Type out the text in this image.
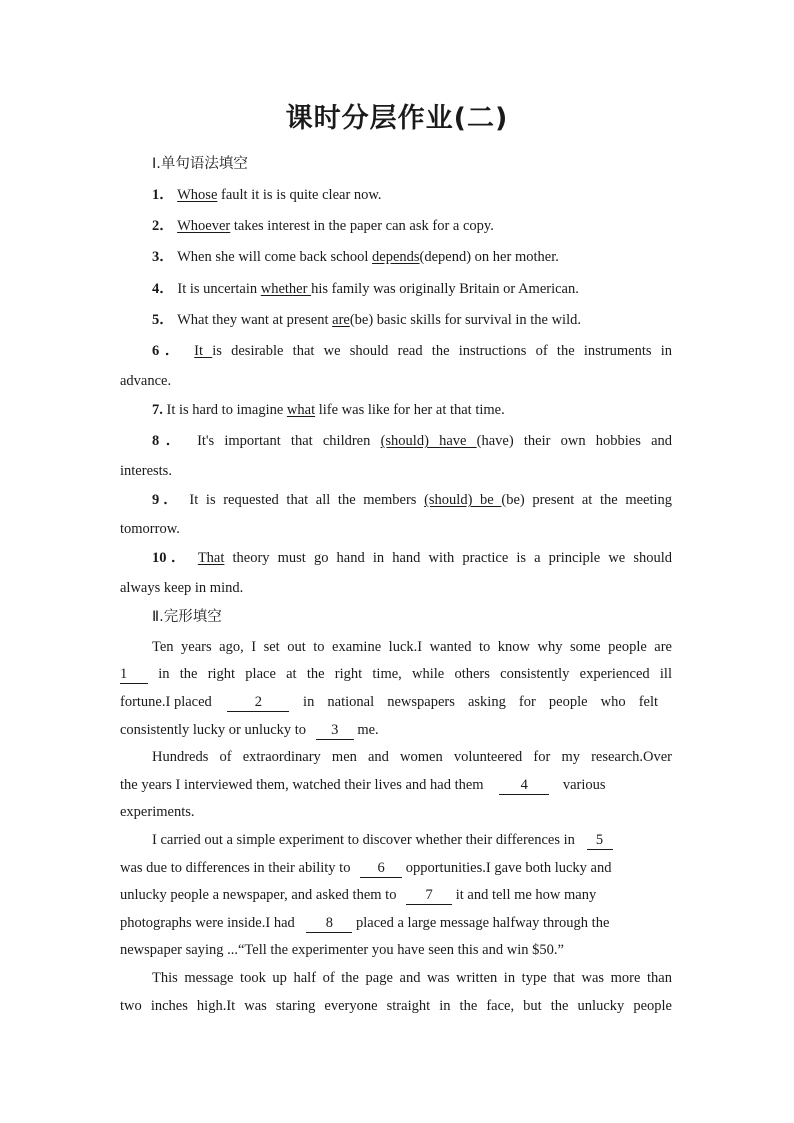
课时分层作业(二)
Ⅰ.单句语法填空
1． Whose fault it is is quite clear now.
2． Whoever takes interest in the paper can ask for a copy.
3． When she will come back school depends(depend) on her mother.
4． It is uncertain whether his family was originally Britain or American.
5． What they want at present are(be) basic skills for survival in the wild.
6． It is desirable that we should read the instructions of the instruments in
advance.
7. It is hard to imagine what life was like for her at that time.
8． It's important that children (should) have (have) their own hobbies and
interests.
9． It is requested that all the members (should) be (be) present at the meeting
tomorrow.
10． That theory must go hand in hand with practice is a principle we should
always keep in mind.
Ⅱ.完形填空
Ten years ago, I set out to examine luck.I wanted to know why some people are
1 in the right place at the right time, while others consistently experienced ill
fortune.I placed	2	in national newspapers asking for people who felt
consistently lucky or unlucky to 3 me.
Hundreds of extraordinary men and women volunteered for my research.Over
the years I interviewed them, watched their lives and had them	4 various
experiments.
I carried out a simple experiment to discover whether their differences in 5
was due to differences in their ability to 6 opportunities.I gave both lucky and
unlucky people a newspaper, and asked them to 7 it and tell me how many
photographs were inside.I had 8 placed a large message halfway through the
newspaper saying ...“Tell the experimenter you have seen this and win $50.”
This message took up half of the page and was written in type that was more than
two inches high.It was staring everyone straight in the face, but the unlucky people
